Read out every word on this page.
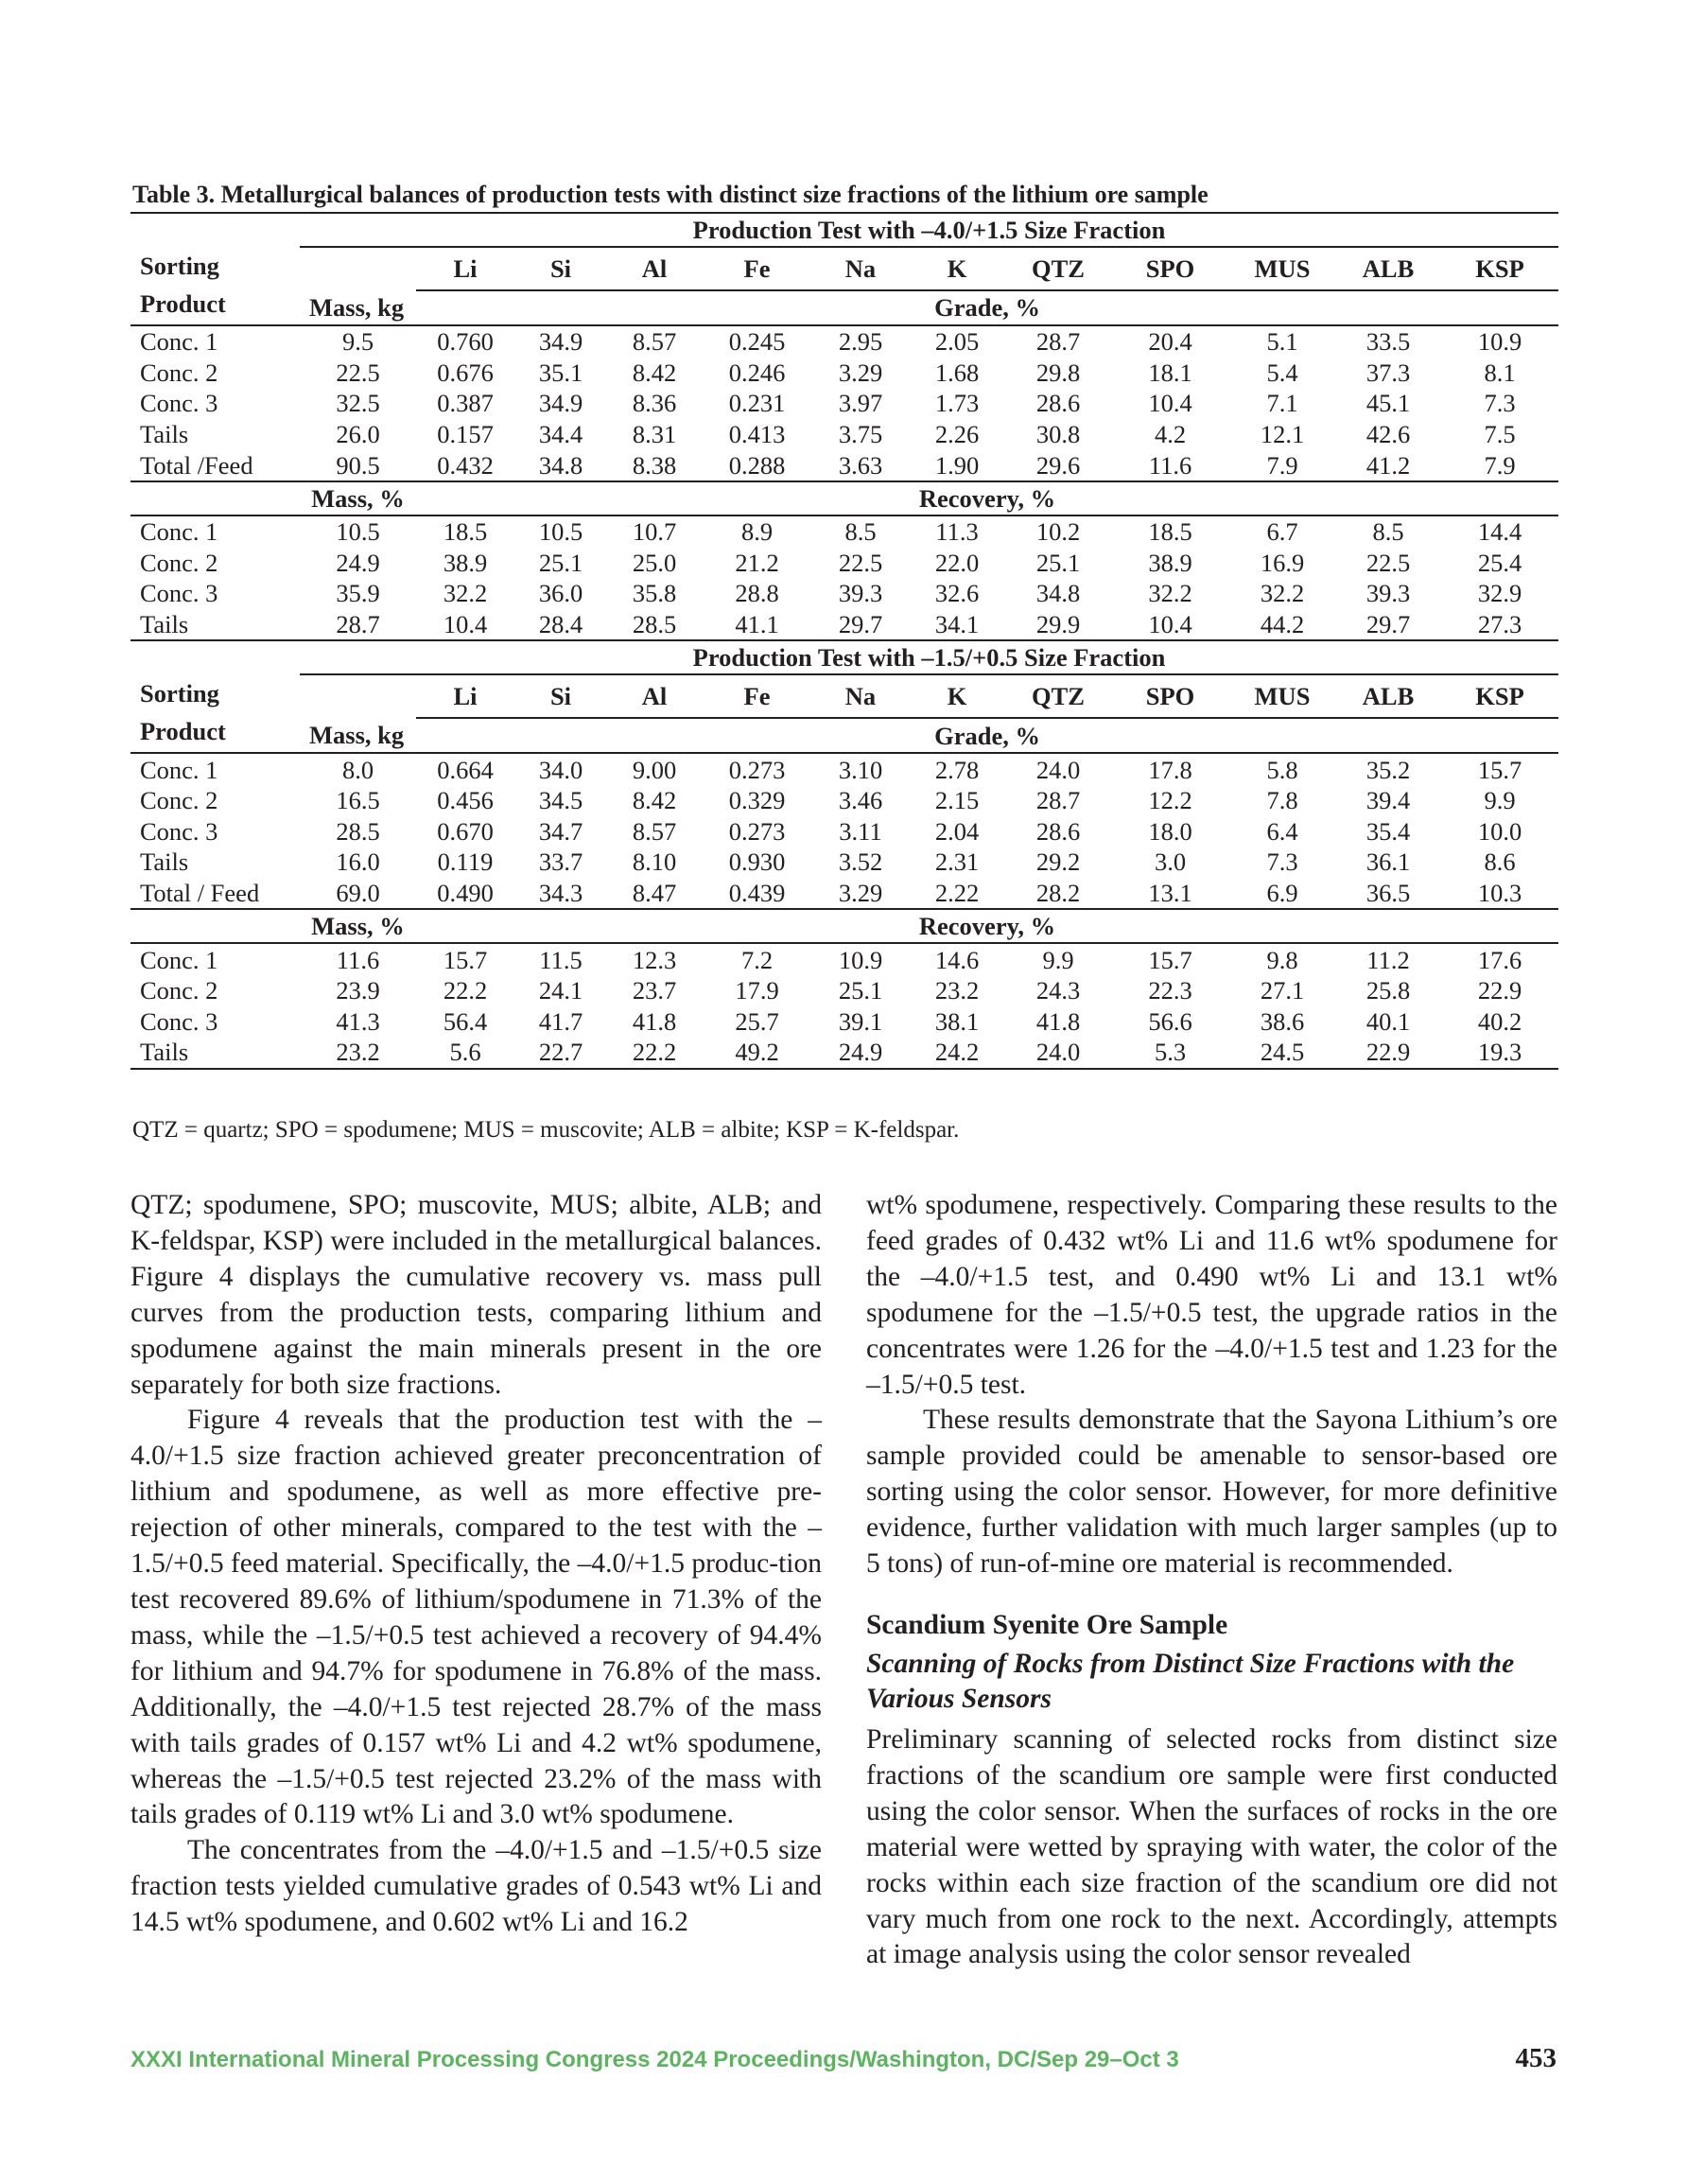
Table 3. Metallurgical balances of production tests with distinct size fractions of the lithium ore sample
	Production Test with –4.0/+1.5 Size Fraction											
Sorting
Product		Li	Si	Al	Fe	Na	K	QTZ	SPO	MUS	ALB	KSP
	Mass, kg	Grade, %										
Conc. 1	9.5	0.760	34.9	8.57	0.245	2.95	2.05	28.7	20.4	5.1	33.5	10.9
Conc. 2	22.5	0.676	35.1	8.42	0.246	3.29	1.68	29.8	18.1	5.4	37.3	8.1
Conc. 3	32.5	0.387	34.9	8.36	0.231	3.97	1.73	28.6	10.4	7.1	45.1	7.3
Tails	26.0	0.157	34.4	8.31	0.413	3.75	2.26	30.8	4.2	12.1	42.6	7.5
Total /Feed	90.5	0.432	34.8	8.38	0.288	3.63	1.90	29.6	11.6	7.9	41.2	7.9
	Mass, %	Recovery, %										
Conc. 1	10.5	18.5	10.5	10.7	8.9	8.5	11.3	10.2	18.5	6.7	8.5	14.4
Conc. 2	24.9	38.9	25.1	25.0	21.2	22.5	22.0	25.1	38.9	16.9	22.5	25.4
Conc. 3	35.9	32.2	36.0	35.8	28.8	39.3	32.6	34.8	32.2	32.2	39.3	32.9
Tails	28.7	10.4	28.4	28.5	41.1	29.7	34.1	29.9	10.4	44.2	29.7	27.3
	Production Test with –1.5/+0.5 Size Fraction											
Sorting
Product		Li	Si	Al	Fe	Na	K	QTZ	SPO	MUS	ALB	KSP
	Mass, kg	Grade, %										
Conc. 1	8.0	0.664	34.0	9.00	0.273	3.10	2.78	24.0	17.8	5.8	35.2	15.7
Conc. 2	16.5	0.456	34.5	8.42	0.329	3.46	2.15	28.7	12.2	7.8	39.4	9.9
Conc. 3	28.5	0.670	34.7	8.57	0.273	3.11	2.04	28.6	18.0	6.4	35.4	10.0
Tails	16.0	0.119	33.7	8.10	0.930	3.52	2.31	29.2	3.0	7.3	36.1	8.6
Total / Feed	69.0	0.490	34.3	8.47	0.439	3.29	2.22	28.2	13.1	6.9	36.5	10.3
	Mass, %	Recovery, %										
Conc. 1	11.6	15.7	11.5	12.3	7.2	10.9	14.6	9.9	15.7	9.8	11.2	17.6
Conc. 2	23.9	22.2	24.1	23.7	17.9	25.1	23.2	24.3	22.3	27.1	25.8	22.9
Conc. 3	41.3	56.4	41.7	41.8	25.7	39.1	38.1	41.8	56.6	38.6	40.1	40.2
Tails	23.2	5.6	22.7	22.2	49.2	24.9	24.2	24.0	5.3	24.5	22.9	19.3
QTZ = quartz; SPO = spodumene; MUS = muscovite; ALB = albite; KSP = K-feldspar.

QTZ; spodumene, SPO; muscovite, MUS; albite, ALB; and K-feldspar, KSP) were included in the metallurgical balances. Figure 4 displays the cumulative recovery vs. mass pull curves from the production tests, comparing lithium and spodumene against the main minerals present in the ore separately for both size fractions.

Figure 4 reveals that the production test with the –4.0/+1.5 size fraction achieved greater preconcentration of lithium and spodumene, as well as more effective pre-rejection of other minerals, compared to the test with the –1.5/+0.5 feed material. Specifically, the –4.0/+1.5 produc-tion test recovered 89.6% of lithium/spodumene in 71.3% of the mass, while the –1.5/+0.5 test achieved a recovery of 94.4% for lithium and 94.7% for spodumene in 76.8% of the mass. Additionally, the –4.0/+1.5 test rejected 28.7% of the mass with tails grades of 0.157 wt% Li and 4.2 wt% spodumene, whereas the –1.5/+0.5 test rejected 23.2% of the mass with tails grades of 0.119 wt% Li and 3.0 wt% spodumene.

The concentrates from the –4.0/+1.5 and –1.5/+0.5 size fraction tests yielded cumulative grades of 0.543 wt% Li and 14.5 wt% spodumene, and 0.602 wt% Li and 16.2

wt% spodumene, respectively. Comparing these results to the feed grades of 0.432 wt% Li and 11.6 wt% spodumene for the –4.0/+1.5 test, and 0.490 wt% Li and 13.1 wt% spodumene for the –1.5/+0.5 test, the upgrade ratios in the concentrates were 1.26 for the –4.0/+1.5 test and 1.23 for the –1.5/+0.5 test.

These results demonstrate that the Sayona Lithium’s ore sample provided could be amenable to sensor-based ore sorting using the color sensor. However, for more definitive evidence, further validation with much larger samples (up to 5 tons) of run-of-mine ore material is recommended.

Scandium Syenite Ore Sample
Scanning of Rocks from Distinct Size Fractions with the Various Sensors

Preliminary scanning of selected rocks from distinct size fractions of the scandium ore sample were first conducted using the color sensor. When the surfaces of rocks in the ore material were wetted by spraying with water, the color of the rocks within each size fraction of the scandium ore did not vary much from one rock to the next. Accordingly, attempts at image analysis using the color sensor revealed

XXXI International Mineral Processing Congress 2024 Proceedings/Washington, DC/Sep 29–Oct 3	453
